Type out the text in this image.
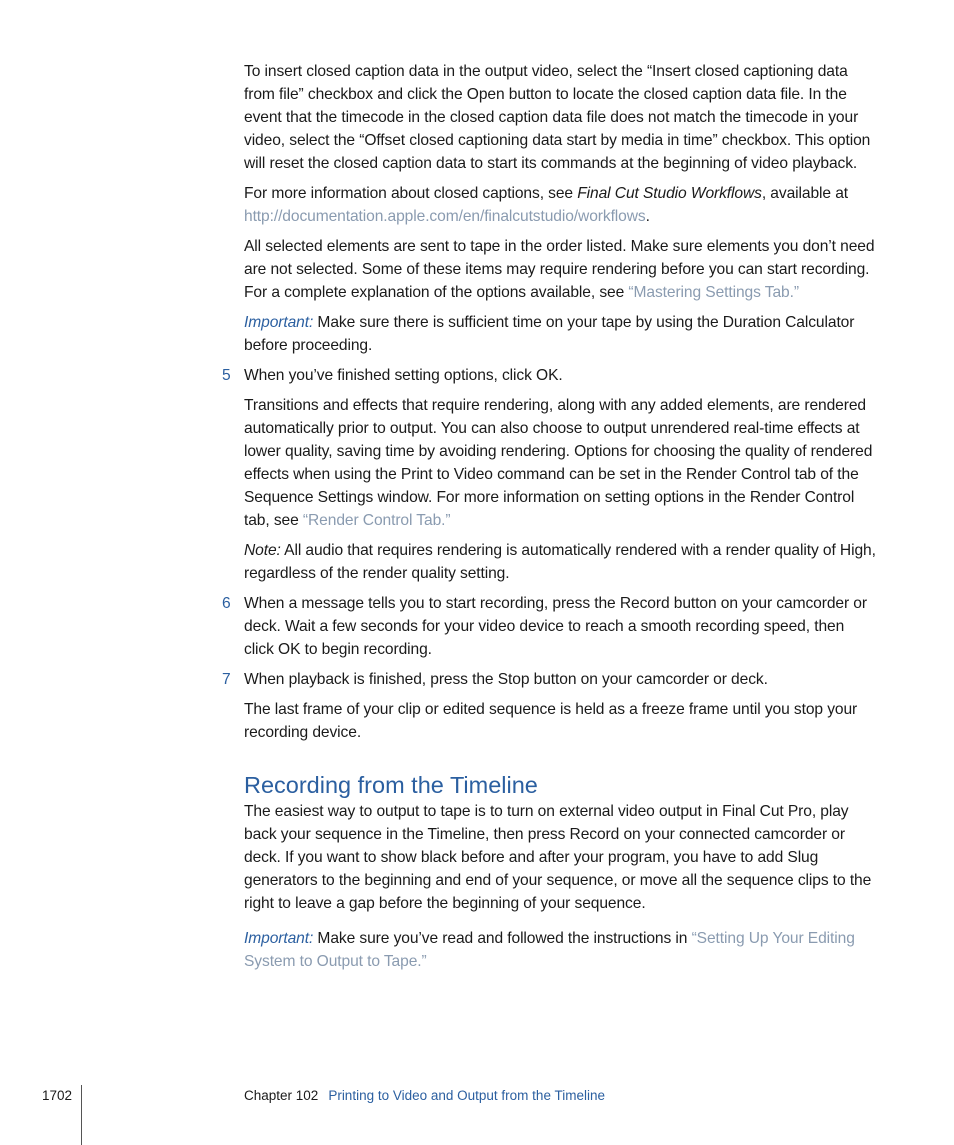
To insert closed caption data in the output video, select the “Insert closed captioning data from file” checkbox and click the Open button to locate the closed caption data file. In the event that the timecode in the closed caption data file does not match the timecode in your video, select the “Offset closed captioning data start by media in time” checkbox. This option will reset the closed caption data to start its commands at the beginning of video playback.

For more information about closed captions, see Final Cut Studio Workflows, available at
http://documentation.apple.com/en/finalcutstudio/workflows.

All selected elements are sent to tape in the order listed. Make sure elements you don’t need are not selected. Some of these items may require rendering before you can start recording. For a complete explanation of the options available, see “Mastering Settings Tab.”

Important: Make sure there is sufficient time on your tape by using the Duration Calculator before proceeding.

5 When you’ve finished setting options, click OK.

Transitions and effects that require rendering, along with any added elements, are rendered automatically prior to output. You can also choose to output unrendered real-time effects at lower quality, saving time by avoiding rendering. Options for choosing the quality of rendered effects when using the Print to Video command can be set in the Render Control tab of the Sequence Settings window. For more information on setting options in the Render Control tab, see “Render Control Tab.”

Note: All audio that requires rendering is automatically rendered with a render quality of High, regardless of the render quality setting.

6 When a message tells you to start recording, press the Record button on your camcorder or deck. Wait a few seconds for your video device to reach a smooth recording speed, then click OK to begin recording.

7 When playback is finished, press the Stop button on your camcorder or deck.

The last frame of your clip or edited sequence is held as a freeze frame until you stop your recording device.

Recording from the Timeline

The easiest way to output to tape is to turn on external video output in Final Cut Pro, play back your sequence in the Timeline, then press Record on your connected camcorder or deck. If you want to show black before and after your program, you have to add Slug generators to the beginning and end of your sequence, or move all the sequence clips to the right to leave a gap before the beginning of your sequence.

Important: Make sure you’ve read and followed the instructions in “Setting Up Your Editing System to Output to Tape.”

1702	Chapter 102 Printing to Video and Output from the Timeline
